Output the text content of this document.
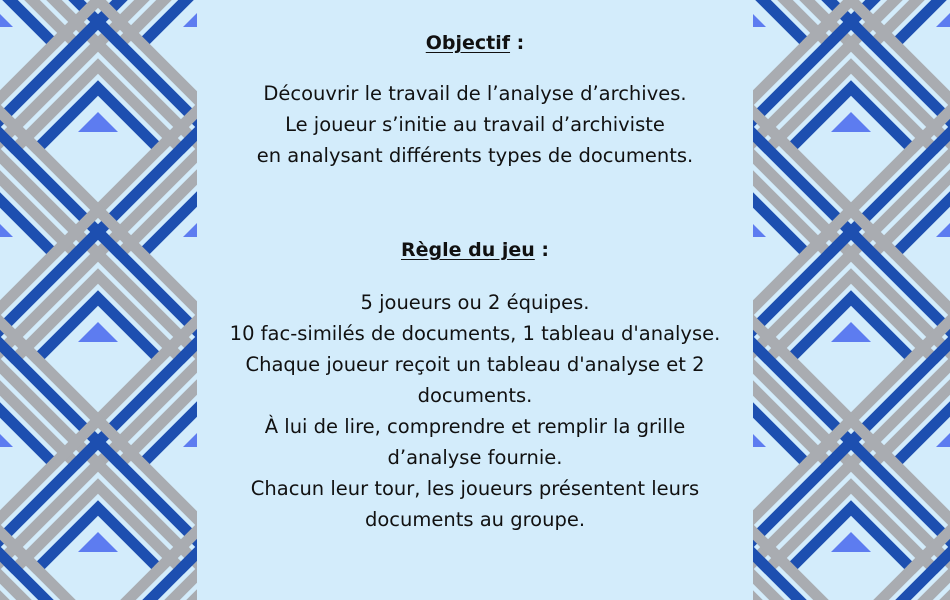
Objectif :

Découvrir le travail de l’analyse d’archives.
Le joueur s’initie au travail d’archiviste
en analysant différents types de documents.

Règle du jeu :

5 joueurs ou 2 équipes.
10 fac-similés de documents, 1 tableau d'analyse.
Chaque joueur reçoit un tableau d'analyse et 2
documents.
À lui de lire, comprendre et remplir la grille
d’analyse fournie.
Chacun leur tour, les joueurs présentent leurs
documents au groupe.
